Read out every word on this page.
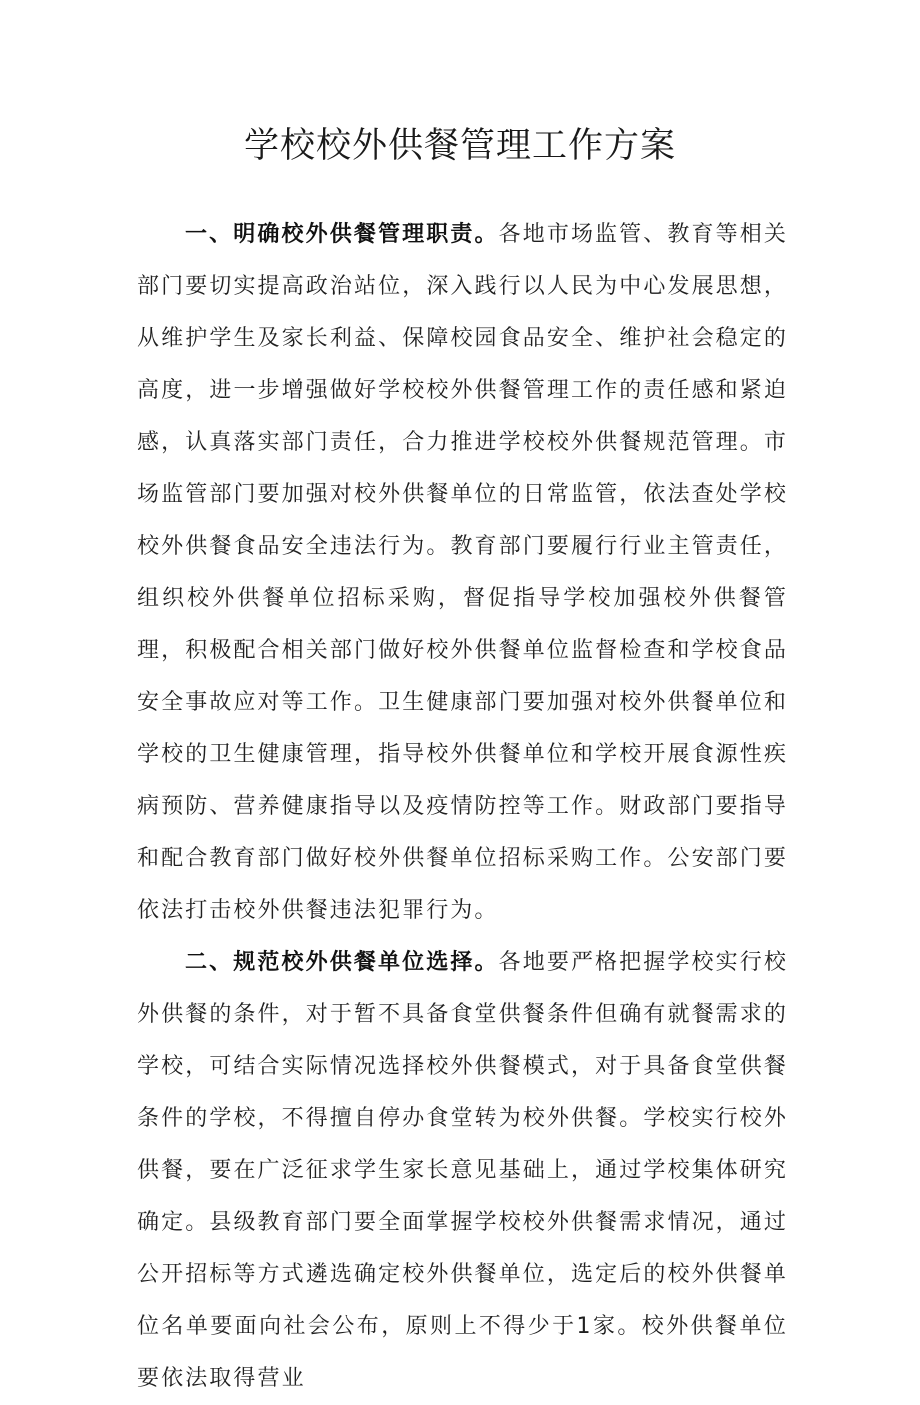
学校校外供餐管理工作方案

一、明确校外供餐管理职责。各地市场监管、教育等相关部门要切实提高政治站位，深入践行以人民为中心发展思想，从维护学生及家长利益、保障校园食品安全、维护社会稳定的高度，进一步增强做好学校校外供餐管理工作的责任感和紧迫感，认真落实部门责任，合力推进学校校外供餐规范管理。市场监管部门要加强对校外供餐单位的日常监管，依法查处学校校外供餐食品安全违法行为。教育部门要履行行业主管责任，组织校外供餐单位招标采购，督促指导学校加强校外供餐管理，积极配合相关部门做好校外供餐单位监督检查和学校食品安全事故应对等工作。卫生健康部门要加强对校外供餐单位和学校的卫生健康管理，指导校外供餐单位和学校开展食源性疾病预防、营养健康指导以及疫情防控等工作。财政部门要指导和配合教育部门做好校外供餐单位招标采购工作。公安部门要依法打击校外供餐违法犯罪行为。

二、规范校外供餐单位选择。各地要严格把握学校实行校外供餐的条件，对于暂不具备食堂供餐条件但确有就餐需求的学校，可结合实际情况选择校外供餐模式，对于具备食堂供餐条件的学校，不得擅自停办食堂转为校外供餐。学校实行校外供餐，要在广泛征求学生家长意见基础上，通过学校集体研究确定。县级教育部门要全面掌握学校校外供餐需求情况，通过公开招标等方式遴选确定校外供餐单位，选定后的校外供餐单位名单要面向社会公布，原则上不得少于1家。校外供餐单位要依法取得营业
